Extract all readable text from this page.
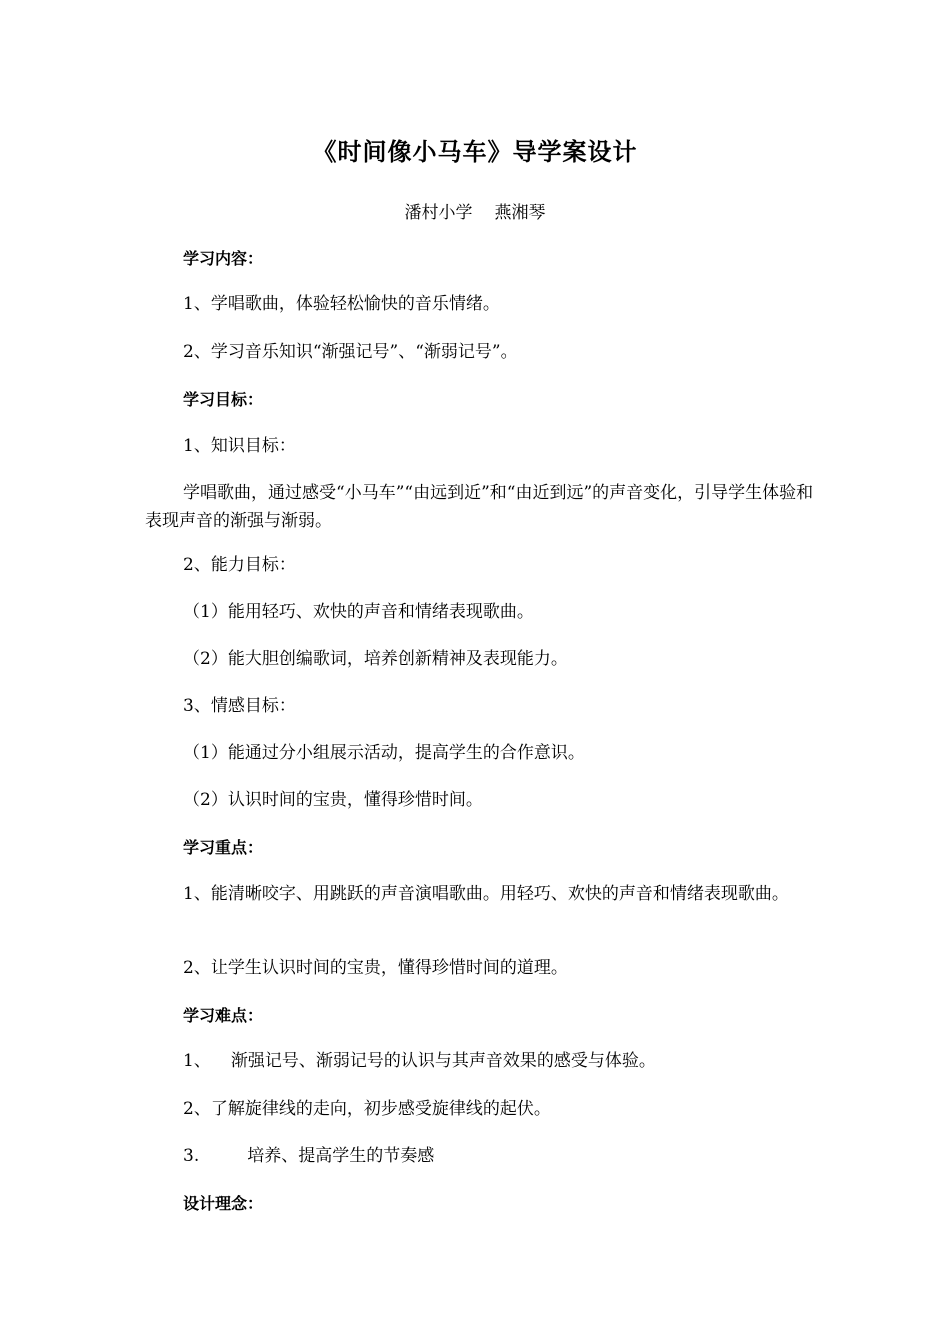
《时间像小马车》导学案设计
潘村小学 燕湘琴
学习内容：
1、学唱歌曲，体验轻松愉快的音乐情绪。
2、学习音乐知识“渐强记号”、“渐弱记号”。
学习目标：
1、知识目标：
学唱歌曲，通过感受“小马车”“由远到近”和“由近到远”的声音变化，引导学生体验和表现声音的渐强与渐弱。
2、能力目标：
（1）能用轻巧、欢快的声音和情绪表现歌曲。
（2）能大胆创编歌词，培养创新精神及表现能力。
3、情感目标：
（1）能通过分小组展示活动，提高学生的合作意识。
（2）认识时间的宝贵，懂得珍惜时间。
学习重点：
1、能清晰咬字、用跳跃的声音演唱歌曲。用轻巧、欢快的声音和情绪表现歌曲。
2、让学生认识时间的宝贵，懂得珍惜时间的道理。
学习难点：
1、 渐强记号、渐弱记号的认识与其声音效果的感受与体验。
2、了解旋律线的走向，初步感受旋律线的起伏。
3.	培养、提高学生的节奏感
设计理念：
